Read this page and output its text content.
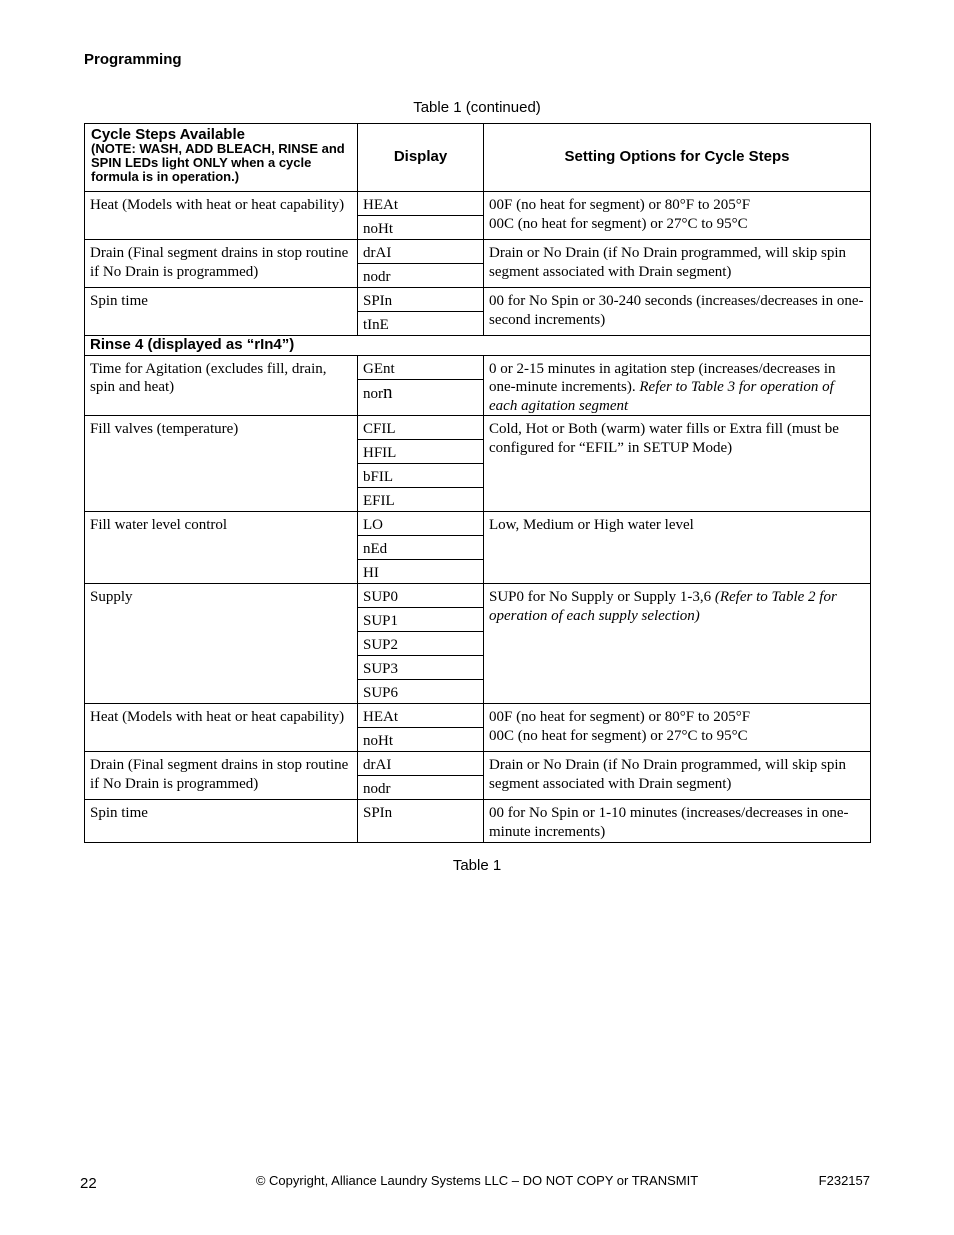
Programming
Table 1 (continued)
Cycle Steps Available
(NOTE: WASH, ADD BLEACH, RINSE and SPIN LEDs light ONLY when a cycle formula is in operation.)	Display	Setting Options for Cycle Steps
Heat (Models with heat or heat capability)	HEAt	00F (no heat for segment) or 80°F to 205°F
00C (no heat for segment) or 27°C to 95°C

	noHt	
Drain (Final segment drains in stop routine if No Drain is programmed)	drAI	Drain or No Drain (if No Drain programmed, will skip spin segment associated with Drain segment)
	nodr	
Spin time	SPIn	00 for No Spin or 30-240 seconds (increases/decreases in one-second increments)
	tInE	
Rinse 4 (displayed as “rIn4”)		
Time for Agitation (excludes fill, drain, spin and heat)	GEnt	0 or 2-15 minutes in agitation step (increases/decreases in one-minute increments). Refer to Table 3 for operation of each agitation segment
	norn	
Fill valves (temperature)	CFIL	Cold, Hot or Both (warm) water fills or Extra fill (must be configured for “EFIL” in SETUP Mode)
	HFIL	
	bFIL	
	EFIL	
Fill water level control	LO	Low, Medium or High water level
	nEd	
	HI	
Supply	SUP0	SUP0 for No Supply or Supply 1-3,6 (Refer to Table 2 for operation of each supply selection)
	SUP1	
	SUP2	
	SUP3	
	SUP6	
Heat (Models with heat or heat capability)	HEAt	00F (no heat for segment) or 80°F to 205°F
00C (no heat for segment) or 27°C to 95°C

	noHt	
Drain (Final segment drains in stop routine if No Drain is programmed)	drAI	Drain or No Drain (if No Drain programmed, will skip spin segment associated with Drain segment)
	nodr	
Spin time	SPIn	00 for No Spin or 1-10 minutes (increases/decreases in one-minute increments)
Table 1
22	© Copyright, Alliance Laundry Systems LLC – DO NOT COPY or TRANSMIT	F232157
